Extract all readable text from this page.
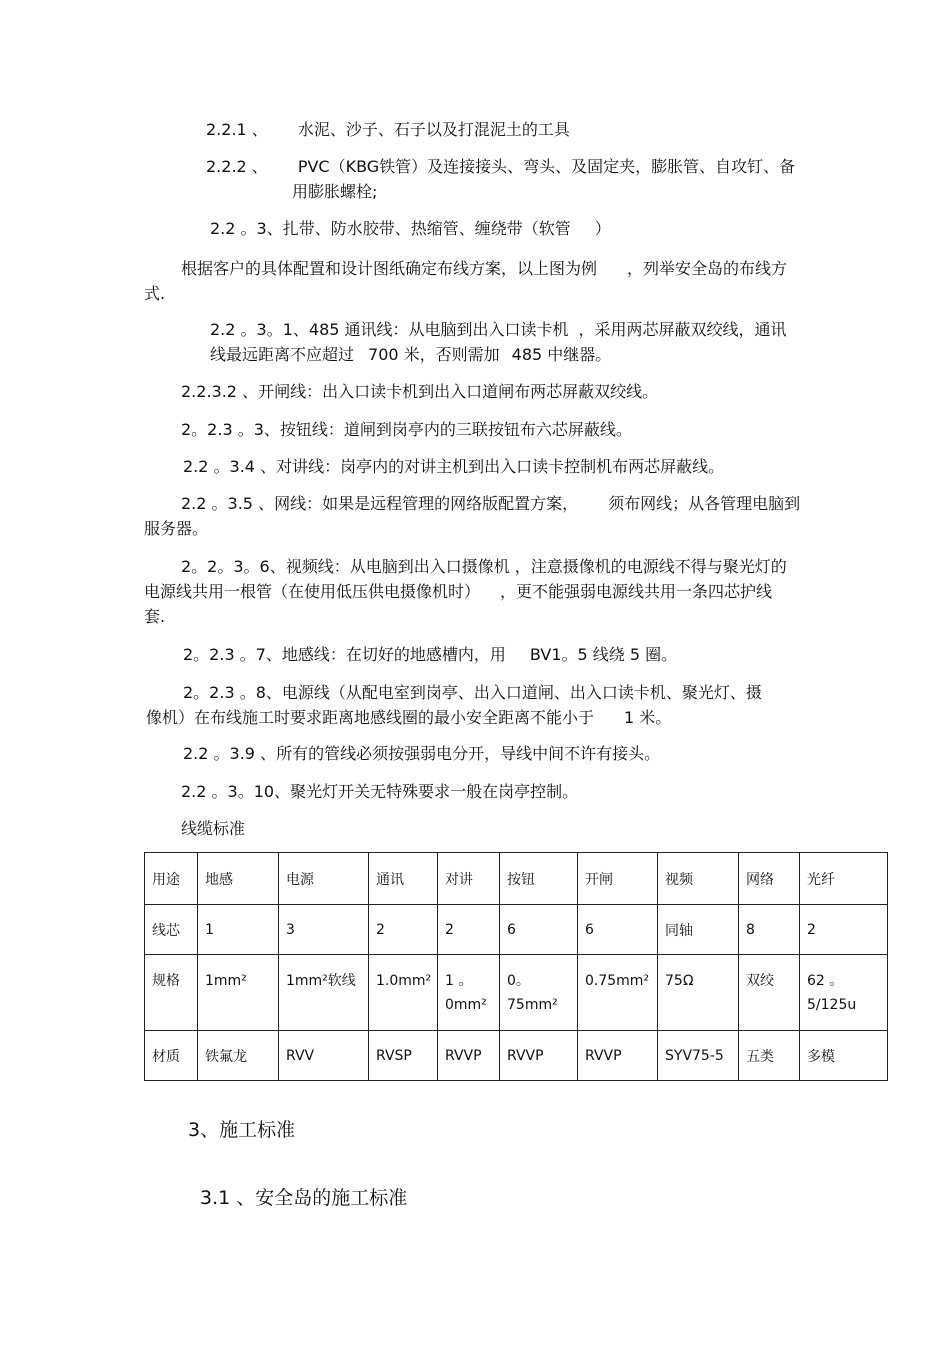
2.2.1 、 水泥、沙子、石子以及打混泥土的工具
2.2.2 、 PVC（KBG铁管）及连接接头、弯头、及固定夹，膨胀管、自攻钉、备
用膨胀螺栓;
2.2 。3、扎带、防水胶带、热缩管、缠绕带（软管 ）
根据客户的具体配置和设计图纸确定布线方案，以上图为例 ，列举安全岛的布线方
式.
2.2 。3。1、485 通讯线：从电脑到出入口读卡机 ，采用两芯屏蔽双绞线，通讯
线最远距离不应超过 700 米，否则需加 485 中继器。
2.2.3.2 、开闸线：出入口读卡机到出入口道闸布两芯屏蔽双绞线。
2。2.3 。3、按钮线：道闸到岗亭内的三联按钮布六芯屏蔽线。
2.2 。3.4 、对讲线：岗亭内的对讲主机到出入口读卡控制机布两芯屏蔽线。
2.2 。3.5 、网线：如果是远程管理的网络版配置方案， 须布网线；从各管理电脑到
服务器。
2。2。3。6、视频线：从电脑到出入口摄像机 ，注意摄像机的电源线不得与聚光灯的
电源线共用一根管（在使用低压供电摄像机时） ，更不能强弱电源线共用一条四芯护线
套.
2。2.3 。7、地感线：在切好的地感槽内，用 BV1。5 线绕 5 圈。
2。2.3 。8、电源线（从配电室到岗亭、出入口道闸、出入口读卡机、聚光灯、摄
像机）在布线施工时要求距离地感线圈的最小安全距离不能小于 1 米。
2.2 。3.9 、所有的管线必须按强弱电分开，导线中间不许有接头。
2.2 。3。10、聚光灯开关无特殊要求一般在岗亭控制。
线缆标准
用途	地感	电源	通讯	对讲	按钮	开闸	视频	网络	光纤
线芯	1	3	2	2	6	6	同轴	8	2
规格	1mm²	1mm²软线	1.0mm²	1 。0mm²	0。75mm²	0.75mm²	75Ω	双绞	62 。5/125u
材质	铁氟龙	RVV	RVSP	RVVP	RVVP	RVVP	SYV75-5	五类	多模
3、施工标准
3.1 、安全岛的施工标准
